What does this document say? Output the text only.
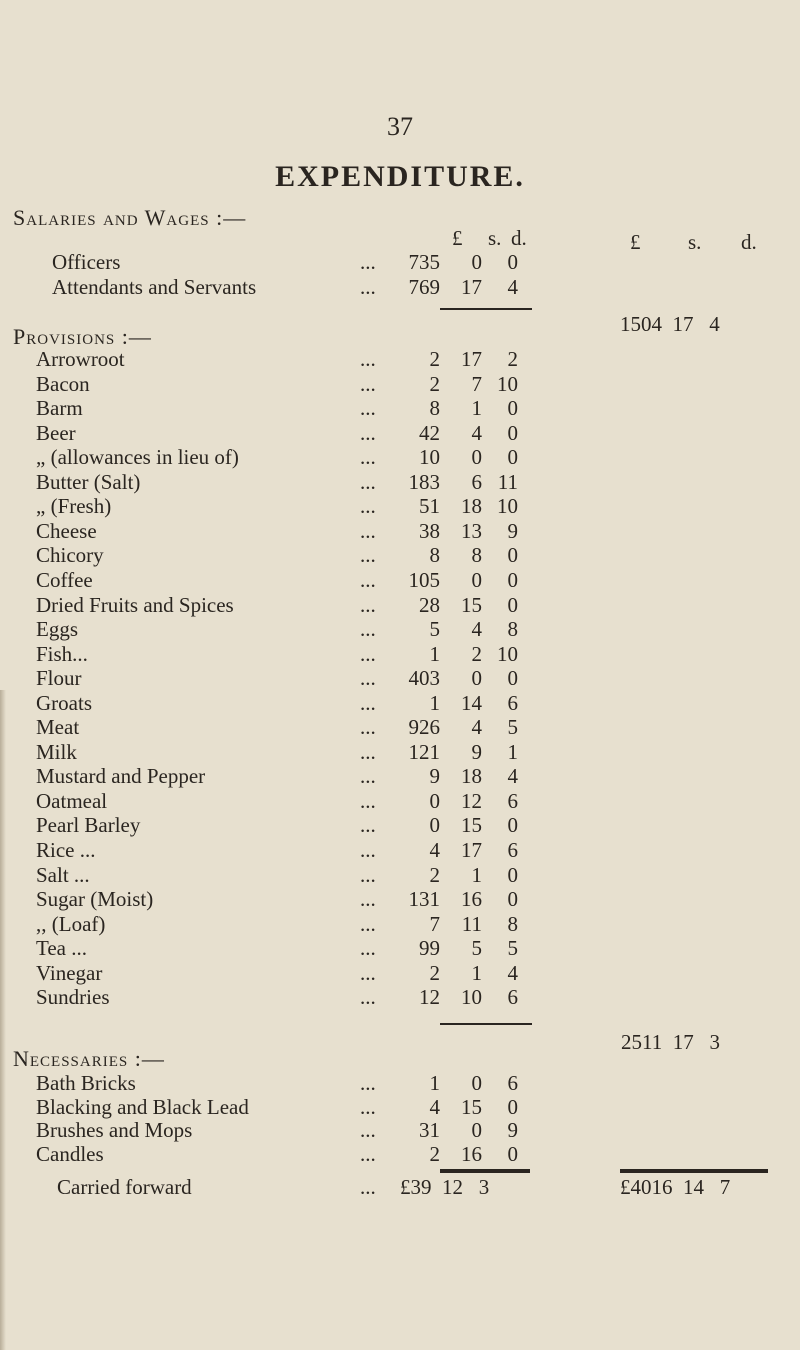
37
EXPENDITURE.
Salaries and Wages :—
£ s. d.	£ s. d.
Officers	...	735	0	0
Attendants and Servants	...	769	17	4
1504 17 4
Provisions :—
Arrowroot	...	2	17	2
Bacon	...	2	7 10
Barm	...	8	1	0
Beer	...	42	4	0
„ (allowances in lieu of)	...	10	0	0
Butter (Salt)	...	183	6 11
„ (Fresh)	...	51	18 10
Cheese	...	38	13	9
Chicory	...	8	8	0
Coffee	...	105	0	0
Dried Fruits and Spices	...	28	15	0
Eggs	...	5	4	8
Fish...	...	1	2 10
Flour	...	403	0	0
Groats	...	1	14	6
Meat	...	926	4	5
Milk	...	121	9	1
Mustard and Pepper	...	9	18	4
Oatmeal	...	0	12	6
Pearl Barley	...	0	15	0
Rice ...	...	4	17	6
Salt ...	...	2	1	0
Sugar (Moist)	...	131	16	0
,, (Loaf)	...	7	11	8
Tea ...	...	99	5	5
Vinegar	...	2	1	4
Sundries	...	12	10	6
2511 17 3
Necessaries :—
Bath Bricks	...	1	0	6
Blacking and Black Lead	...	4	15	0
Brushes and Mops	...	31	0	9
Candles	...	2	16	0
Carried forward	... £39  12   3	£4016  14   7
